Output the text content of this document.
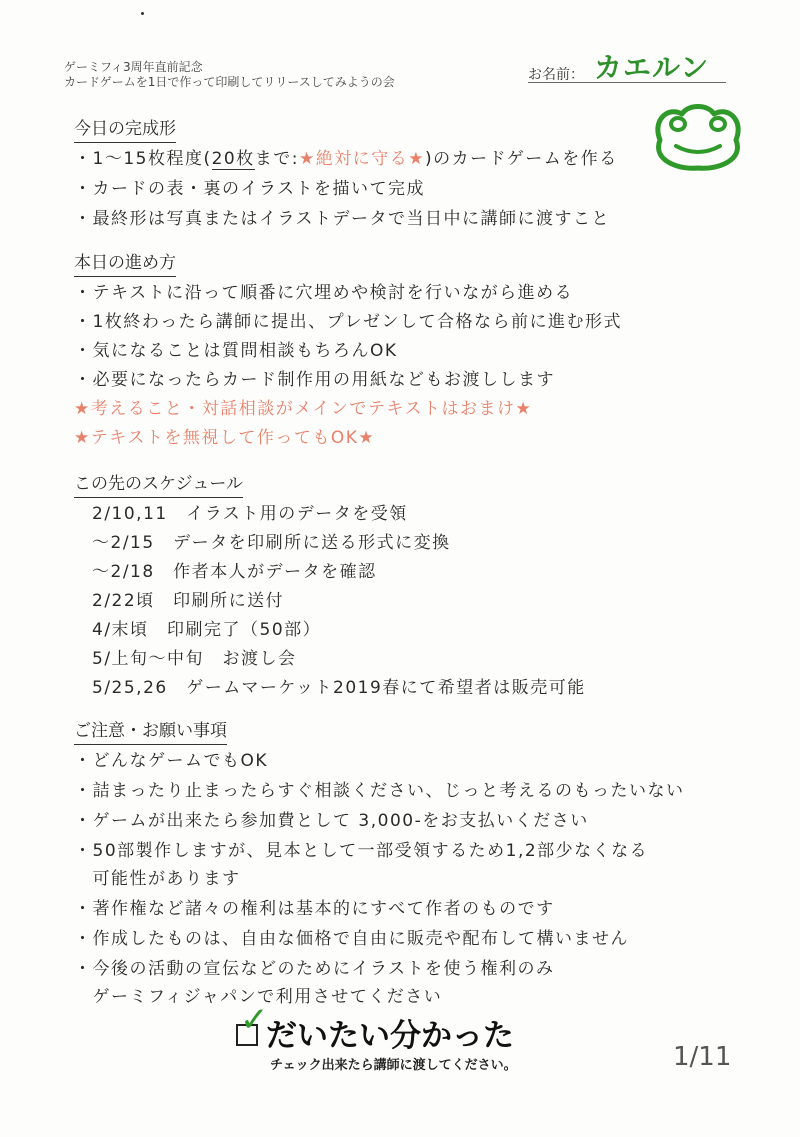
ゲーミフィ3周年直前記念
カードゲームを1日で作って印刷してリリースしてみようの会	お名前： カエルン
今日の完成形
・1〜15枚程度(20枚まで:★絶対に守る★)のカードゲームを作る
・カードの表・裏のイラストを描いて完成
・最終形は写真またはイラストデータで当日中に講師に渡すこと
本日の進め方
・テキストに沿って順番に穴埋めや検討を行いながら進める
・1枚終わったら講師に提出、プレゼンして合格なら前に進む形式
・気になることは質問相談もちろんOK
・必要になったらカード制作用の用紙などもお渡しします
★考えること・対話相談がメインでテキストはおまけ★
★テキストを無視して作ってもOK★
この先のスケジュール
2/10,11　イラスト用のデータを受領
〜2/15　データを印刷所に送る形式に変換
〜2/18　作者本人がデータを確認
2/22頃　印刷所に送付
4/末頃　印刷完了（50部）
5/上旬〜中旬　お渡し会
5/25,26　ゲームマーケット2019春にて希望者は販売可能
ご注意・お願い事項
・どんなゲームでもOK
・詰まったり止まったらすぐ相談ください、じっと考えるのもったいない
・ゲームが出来たら参加費として 3,000-をお支払いください
・50部製作しますが、見本として一部受領するため1,2部少なくなる
　可能性があります
・著作権など諸々の権利は基本的にすべて作者のものです
・作成したものは、自由な価格で自由に販売や配布して構いません
・今後の活動の宣伝などのためにイラストを使う権利のみ
　ゲーミフィジャパンで利用させてください
✓
だいたい分かった
チェック出来たら講師に渡してください。	1/11
